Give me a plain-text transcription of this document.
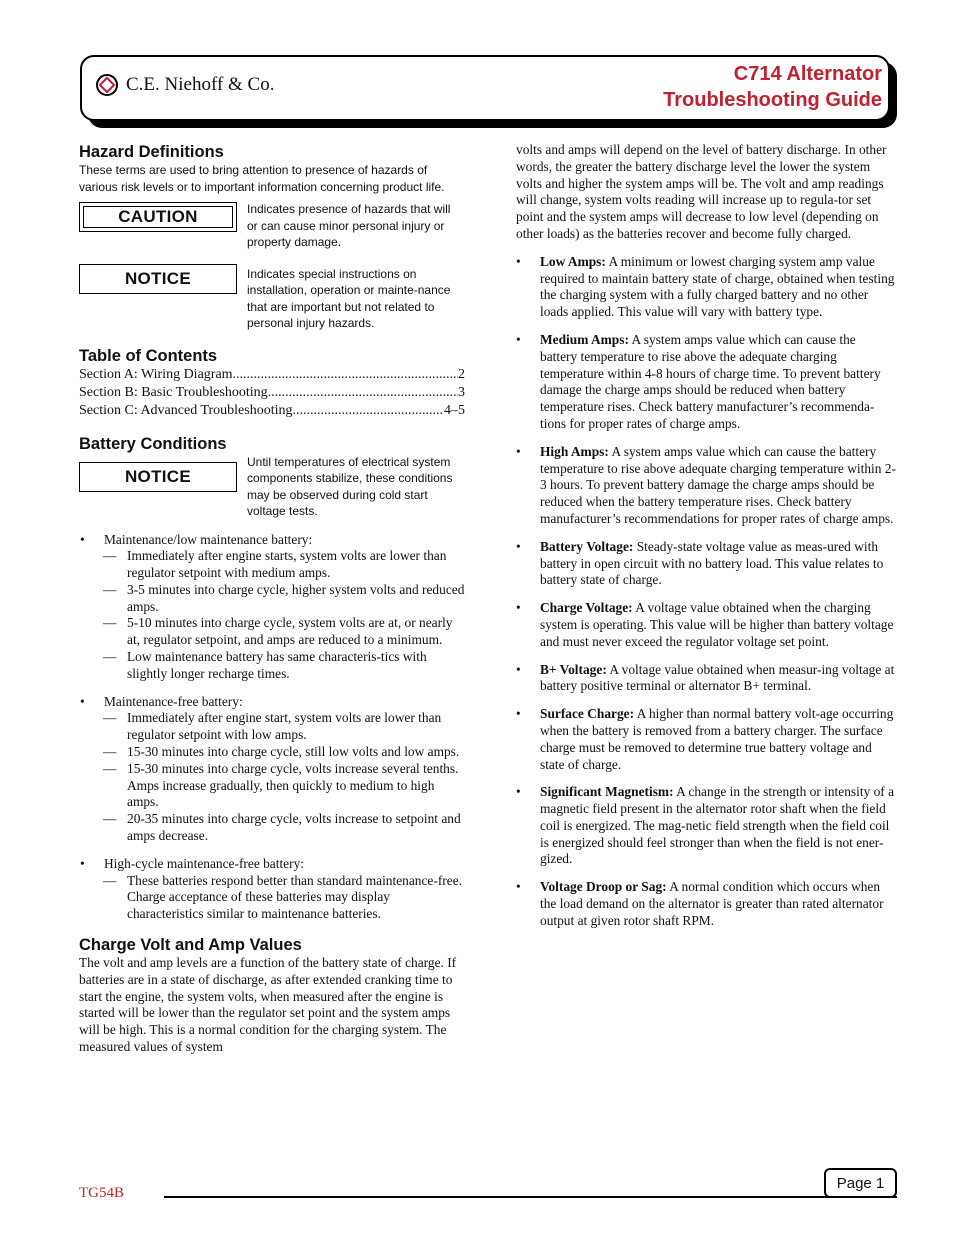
C.E. Niehoff & Co.	C714 Alternator
Troubleshooting Guide
Hazard Definitions
These terms are used to bring attention to presence of hazards of various risk levels or to important information concerning product life.
CAUTION	Indicates presence of hazards that will or can cause minor personal injury or property damage.
NOTICE	Indicates special instructions on installation, operation or mainte-nance that are important but not related to personal injury hazards.
Table of Contents
Section A: Wiring Diagram .....	2
Section B: Basic Troubleshooting .....	3
Section C: Advanced Troubleshooting .....	4–5
Battery Conditions
NOTICE
Until temperatures of electrical system components stabilize, these conditions may be observed during cold start voltage tests.
•	Maintenance/low maintenance battery:
— Immediately after engine starts, system volts are lower than regulator setpoint with medium amps.
— 3-5 minutes into charge cycle, higher system volts and reduced amps.
— 5-10 minutes into charge cycle, system volts are at, or nearly at, regulator setpoint, and amps are reduced to a minimum.
— Low maintenance battery has same characteris-tics with slightly longer recharge times.
•	Maintenance-free battery:
— Immediately after engine start, system volts are lower than regulator setpoint with low amps.
— 15-30 minutes into charge cycle, still low volts and low amps.
— 15-30 minutes into charge cycle, volts increase several tenths. Amps increase gradually, then quickly to medium to high amps.
— 20-35 minutes into charge cycle, volts increase to setpoint and amps decrease.
•	High-cycle maintenance-free battery:
— These batteries respond better than standard maintenance-free. Charge acceptance of these batteries may display characteristics similar to maintenance batteries.
Charge Volt and Amp Values
The volt and amp levels are a function of the battery state of charge. If batteries are in a state of discharge, as after extended cranking time to start the engine, the system volts, when measured after the engine is started will be lower than the regulator set point and the system amps will be high. This is a normal condition for the charging system. The measured values of system
volts and amps will depend on the level of battery discharge. In other words, the greater the battery discharge level the lower the system volts and higher the system amps will be. The volt and amp readings will change, system volts reading will increase up to regula-tor set point and the system amps will decrease to low level (depending on other loads) as the batteries recover and become fully charged.
•	Low Amps: A minimum or lowest charging system amp value required to maintain battery state of charge, obtained when testing the charging system with a fully charged battery and no other loads applied. This value will vary with battery type.
•	Medium Amps: A system amps value which can cause the battery temperature to rise above the adequate charging temperature within 4-8 hours of charge time. To prevent battery damage the charge amps should be reduced when battery temperature rises. Check battery manufacturer’s recommenda-tions for proper rates of charge amps.
•	High Amps: A system amps value which can cause the battery temperature to rise above adequate charging temperature within 2-3 hours. To prevent battery damage the charge amps should be reduced when the battery temperature rises. Check battery manufacturer’s recommendations for proper rates of charge amps.
•	Battery Voltage: Steady-state voltage value as meas-ured with battery in open circuit with no battery load. This value relates to battery state of charge.
•	Charge Voltage: A voltage value obtained when the charging system is operating. This value will be higher than battery voltage and must never exceed the regulator voltage set point.
•	B+ Voltage: A voltage value obtained when measur-ing voltage at battery positive terminal or alternator B+ terminal.
•	Surface Charge: A higher than normal battery volt-age occurring when the battery is removed from a battery charger. The surface charge must be removed to determine true battery voltage and state of charge.
•	Significant Magnetism: A change in the strength or intensity of a magnetic field present in the alternator rotor shaft when the field coil is energized. The mag-netic field strength when the field coil is energized should feel stronger than when the field is not ener-gized.
•	Voltage Droop or Sag: A normal condition which occurs when the load demand on the alternator is greater than rated alternator output at given rotor shaft RPM.
TG54B
Page 1
